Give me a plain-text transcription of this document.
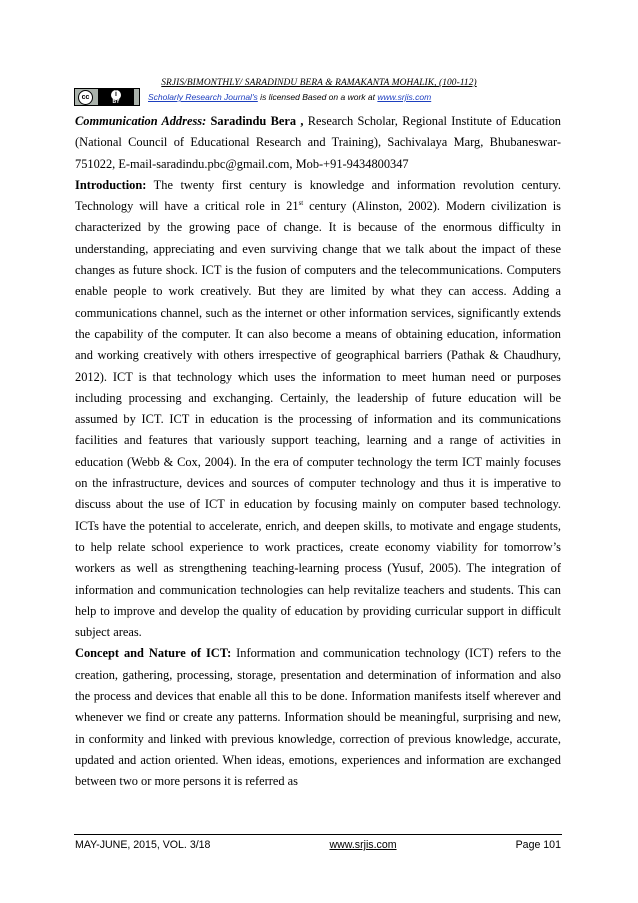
SRJIS/BIMONTHLY/ SARADINDU BERA & RAMAKANTA MOHALIK, (100-112)
cc	i
BY	Scholarly Research Journal's is licensed Based on a work at www.srjis.com

Communication Address: Saradindu Bera , Research Scholar, Regional Institute of Education (National Council of Educational Research and Training), Sachivalaya Marg, Bhubaneswar-751022, E-mail-saradindu.pbc@gmail.com, Mob-+91-9434800347

Introduction: The twenty first century is knowledge and information revolution century. Technology will have a critical role in 21st century (Alinston, 2002). Modern civilization is characterized by the growing pace of change. It is because of the enormous difficulty in understanding, appreciating and even surviving change that we talk about the impact of these changes as future shock. ICT is the fusion of computers and the telecommunications. Computers enable people to work creatively. But they are limited by what they can access. Adding a communications channel, such as the internet or other information services, significantly extends the capability of the computer. It can also become a means of obtaining education, information and working creatively with others irrespective of geographical barriers (Pathak & Chaudhury, 2012). ICT is that technology which uses the information to meet human need or purposes including processing and exchanging. Certainly, the leadership of future education will be assumed by ICT. ICT in education is the processing of information and its communications facilities and features that variously support teaching, learning and a range of activities in education (Webb & Cox, 2004). In the era of computer technology the term ICT mainly focuses on the infrastructure, devices and sources of computer technology and thus it is imperative to discuss about the use of ICT in education by focusing mainly on computer based technology. ICTs have the potential to accelerate, enrich, and deepen skills, to motivate and engage students, to help relate school experience to work practices, create economy viability for tomorrow’s workers as well as strengthening teaching-learning process (Yusuf, 2005). The integration of information and communication technologies can help revitalize teachers and students. This can help to improve and develop the quality of education by providing curricular support in difficult subject areas.

Concept and Nature of ICT: Information and communication technology (ICT) refers to the creation, gathering, processing, storage, presentation and determination of information and also the process and devices that enable all this to be done. Information manifests itself wherever and whenever we find or create any patterns. Information should be meaningful, surprising and new, in conformity and linked with previous knowledge, correction of previous knowledge, accurate, updated and action oriented. When ideas, emotions, experiences and information are exchanged between two or more persons it is referred as

MAY-JUNE, 2015, VOL. 3/18	www.srjis.com	Page 101
